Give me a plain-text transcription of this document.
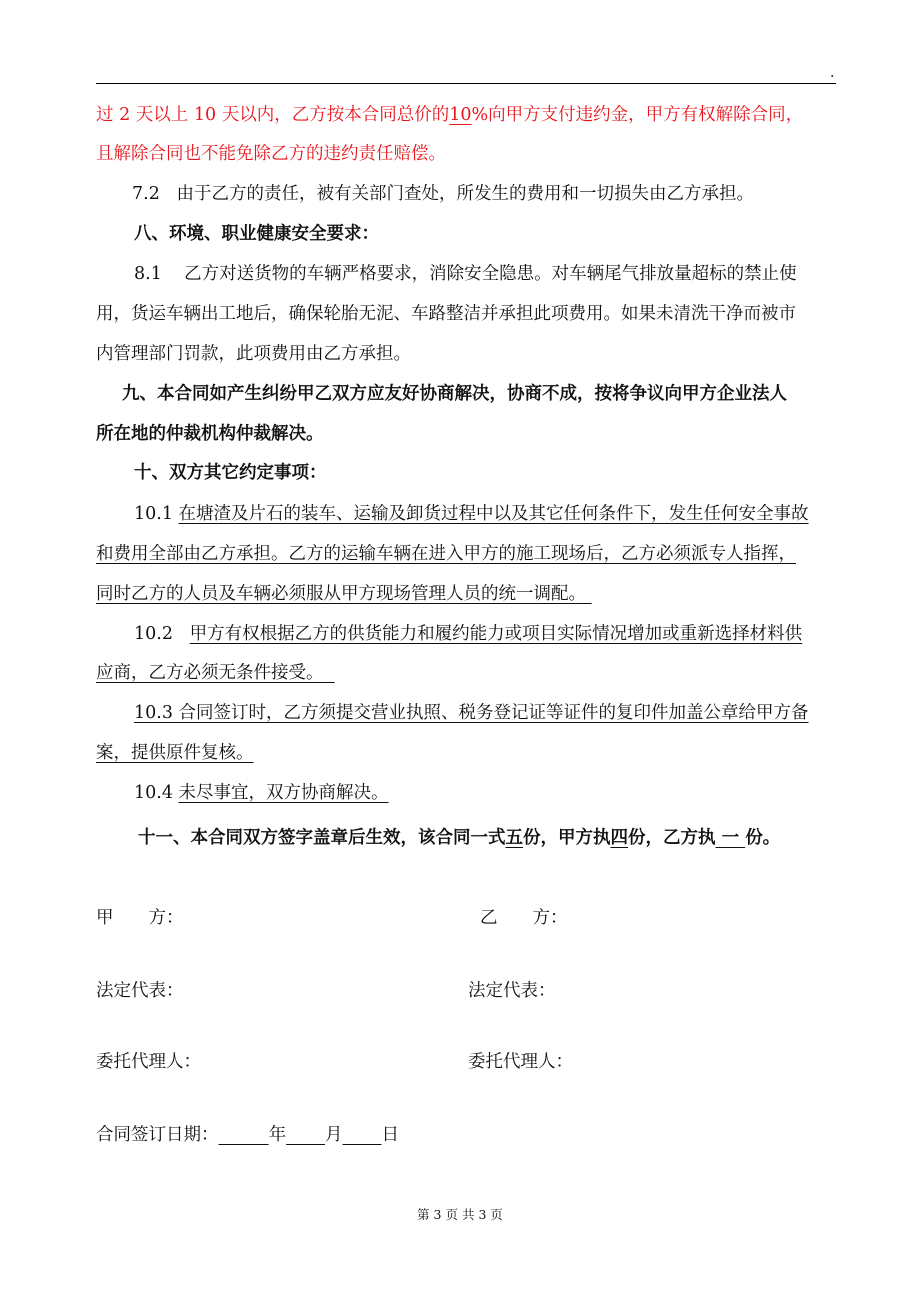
.
过 2 天以上 10 天以内，乙方按本合同总价的10%向甲方支付违约金，甲方有权解除合同，
且解除合同也不能免除乙方的违约责任赔偿。
7.2 由于乙方的责任，被有关部门查处，所发生的费用和一切损失由乙方承担。
八、环境、职业健康安全要求：
8.1 乙方对送货物的车辆严格要求，消除安全隐患。对车辆尾气排放量超标的禁止使
用，货运车辆出工地后，确保轮胎无泥、车路整洁并承担此项费用。如果未清洗干净而被市
内管理部门罚款，此项费用由乙方承担。
九、本合同如产生纠纷甲乙双方应友好协商解决，协商不成，按将争议向甲方企业法人
所在地的仲裁机构仲裁解决。
十、双方其它约定事项：
10.1 在塘渣及片石的装车、运输及卸货过程中以及其它任何条件下，发生任何安全事故
和费用全部由乙方承担。乙方的运输车辆在进入甲方的施工现场后，乙方必须派专人指挥，
同时乙方的人员及车辆必须服从甲方现场管理人员的统一调配。
10.2 甲方有权根据乙方的供货能力和履约能力或项目实际情况增加或重新选择材料供
应商，乙方必须无条件接受。
10.3 合同签订时，乙方须提交营业执照、税务登记证等证件的复印件加盖公章给甲方备
案，提供原件复核。
10.4 未尽事宜，双方协商解决。
十一、本合同双方签字盖章后生效，该合同一式五份，甲方执四份，乙方执 一 份。
甲　　方：	乙　　方：
法定代表：	法定代表：
委托代理人：	委托代理人：
合同签订日期：	年 月 日
第 3 页 共 3 页
